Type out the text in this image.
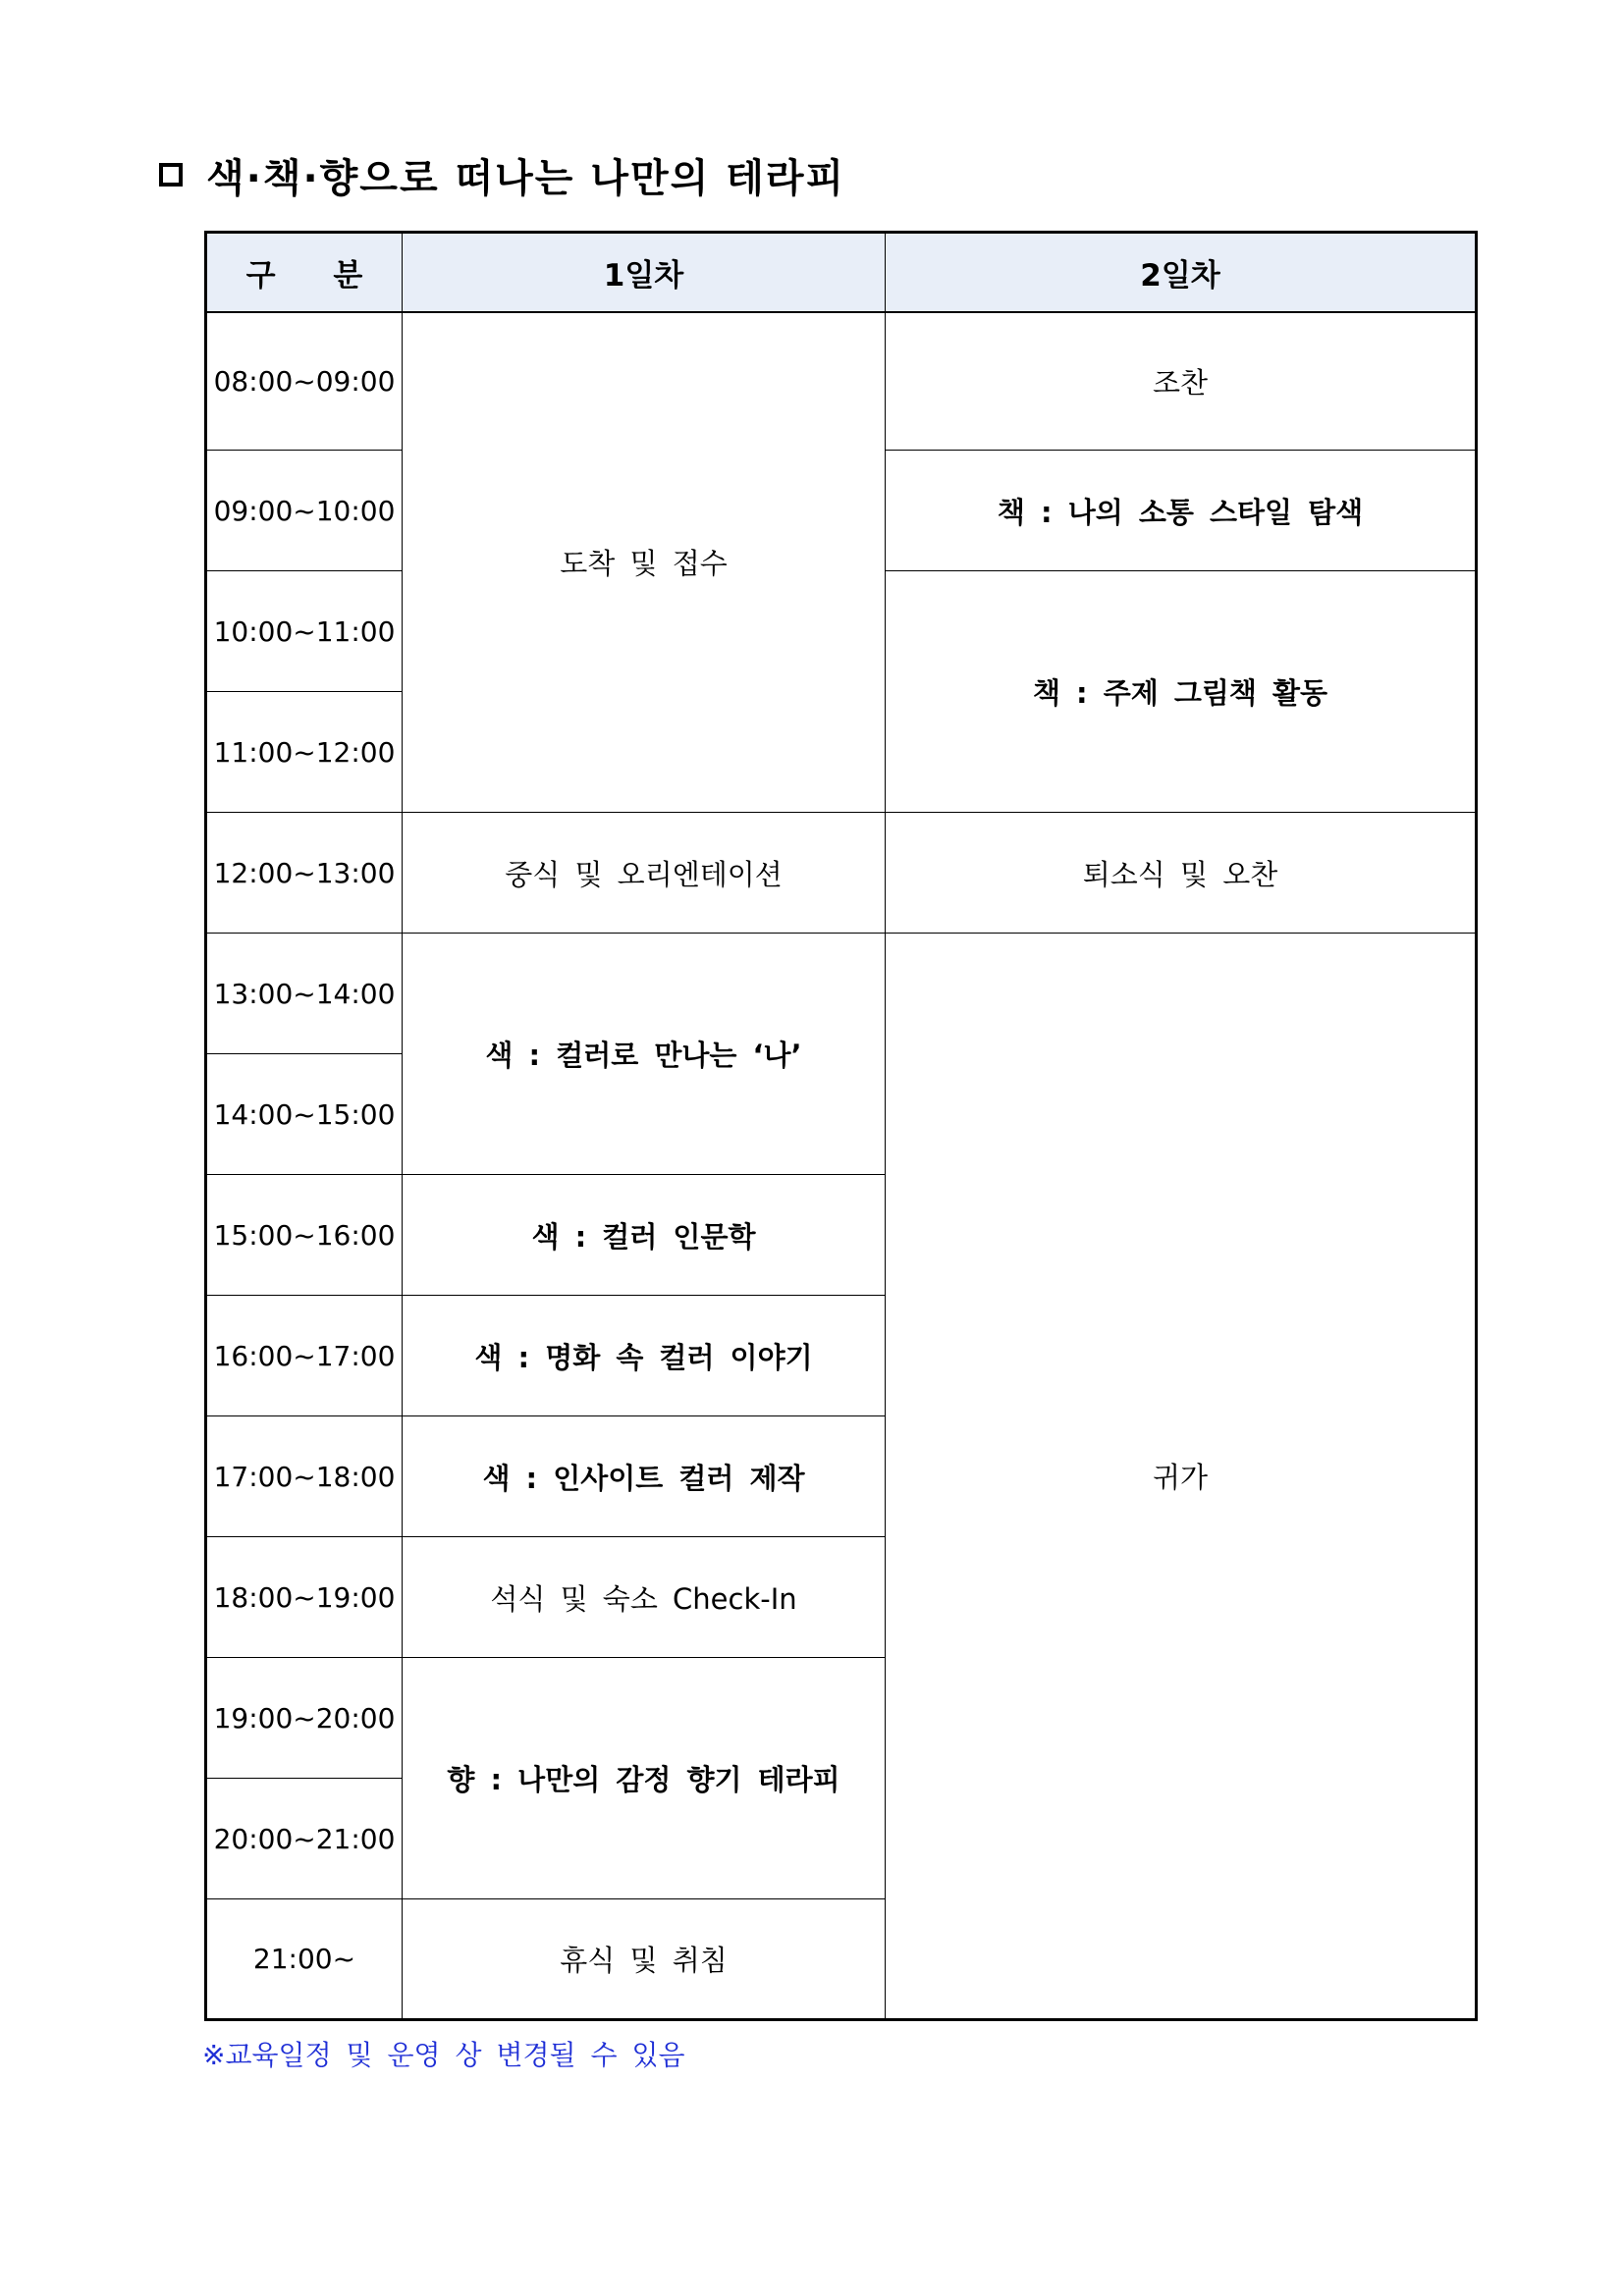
색·책·향으로 떠나는 나만의 테라피
구 분	1일차	2일차
08:00~09:00	도착 및 접수	조찬
09:00~10:00		책 : 나의 소통 스타일 탐색
10:00~11:00		책 : 주제 그림책 활동
11:00~12:00		
12:00~13:00	중식 및 오리엔테이션	퇴소식 및 오찬
13:00~14:00	색 : 컬러로 만나는 ‘나’	귀가
14:00~15:00		
15:00~16:00	색 : 컬러 인문학	
16:00~17:00	색 : 명화 속 컬러 이야기	
17:00~18:00	색 : 인사이트 컬러 제작	
18:00~19:00	석식 및 숙소 Check-In	
19:00~20:00	향 : 나만의 감정 향기 테라피	
20:00~21:00		
21:00~	휴식 및 취침	
※교육일정 및 운영 상 변경될 수 있음
